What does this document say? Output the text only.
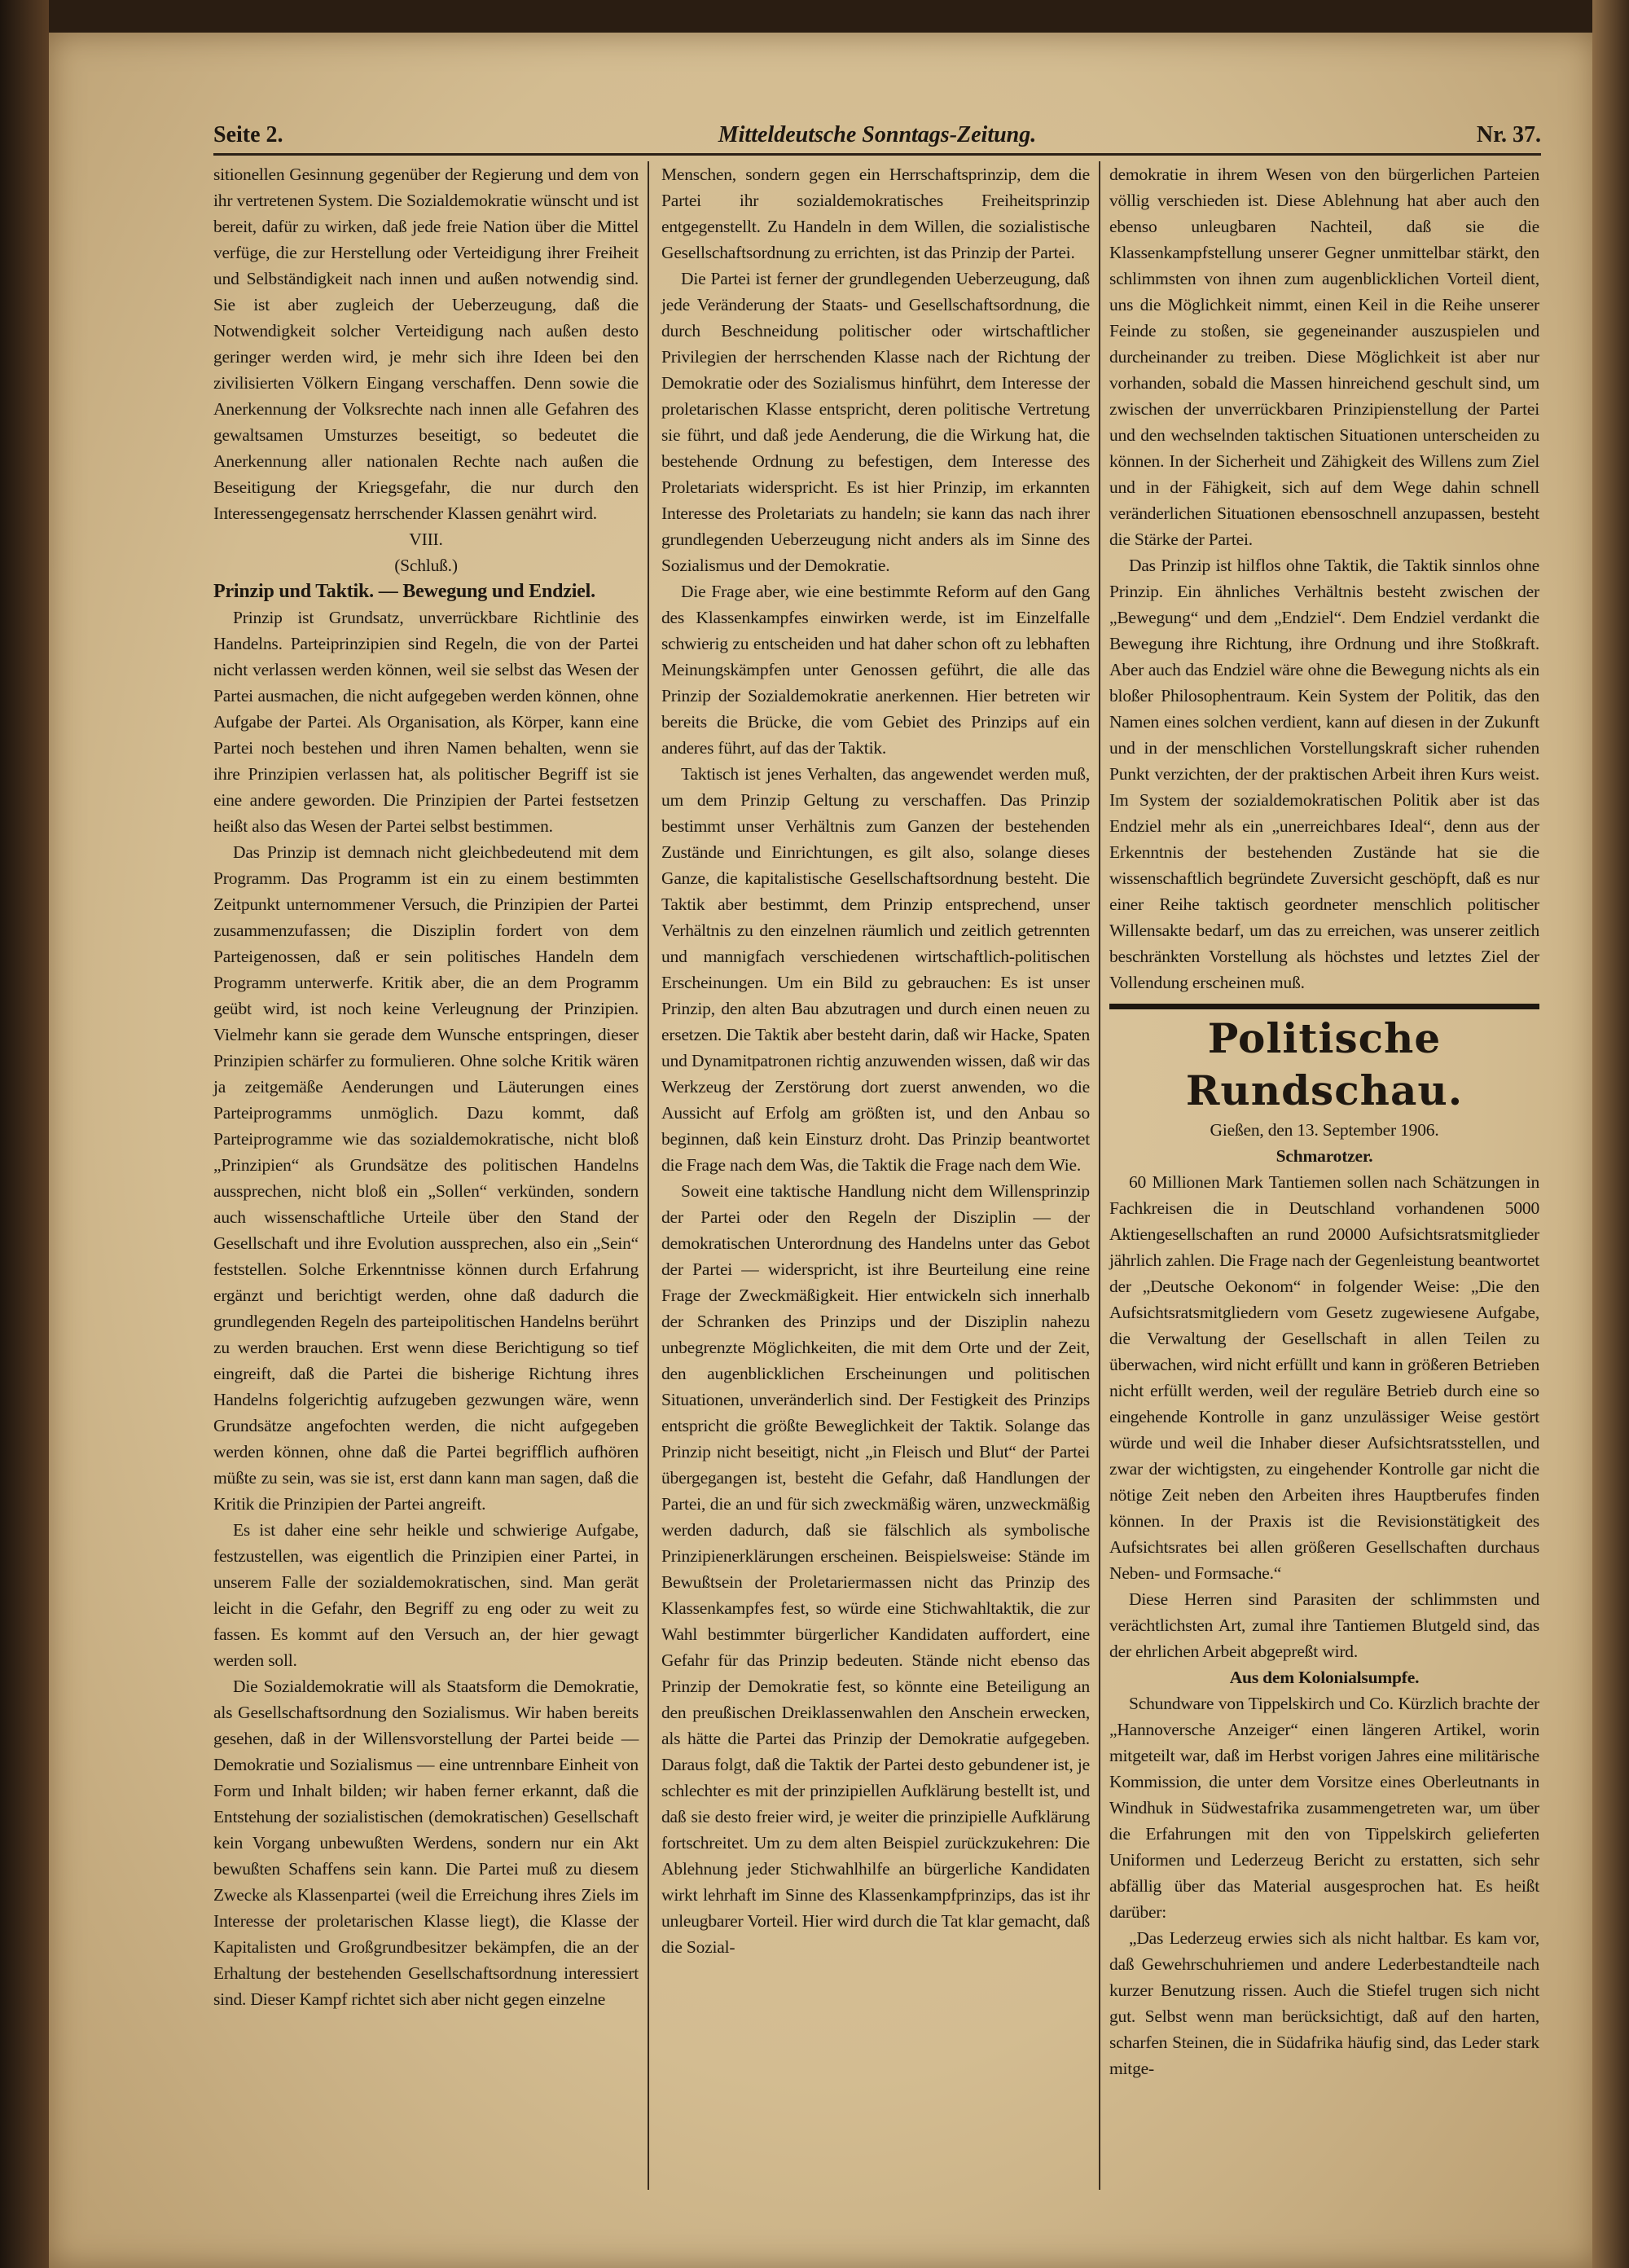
Seite 2.	Mitteldeutsche Sonntags-Zeitung.	Nr. 37.

sitionellen Gesinnung gegenüber der Regierung und dem von ihr vertretenen System. Die Sozialdemokratie wünscht und ist bereit, dafür zu wirken, daß jede freie Nation über die Mittel verfüge, die zur Herstellung oder Verteidigung ihrer Freiheit und Selbständigkeit nach innen und außen notwendig sind. Sie ist aber zugleich der Ueberzeugung, daß die Notwendigkeit solcher Verteidigung nach außen desto geringer werden wird, je mehr sich ihre Ideen bei den zivilisierten Völkern Eingang verschaffen. Denn sowie die Anerkennung der Volksrechte nach innen alle Gefahren des gewaltsamen Umsturzes beseitigt, so bedeutet die Anerkennung aller nationalen Rechte nach außen die Beseitigung der Kriegsgefahr, die nur durch den Interessengegensatz herrschender Klassen genährt wird.

VIII.

(Schluß.)

Prinzip und Taktik. — Bewegung und Endziel.

Prinzip ist Grundsatz, unverrückbare Richtlinie des Handelns. Parteiprinzipien sind Regeln, die von der Partei nicht verlassen werden können, weil sie selbst das Wesen der Partei ausmachen, die nicht aufgegeben werden können, ohne Aufgabe der Partei. Als Organisation, als Körper, kann eine Partei noch bestehen und ihren Namen behalten, wenn sie ihre Prinzipien verlassen hat, als politischer Begriff ist sie eine andere geworden. Die Prinzipien der Partei festsetzen heißt also das Wesen der Partei selbst bestimmen.

Das Prinzip ist demnach nicht gleichbedeutend mit dem Programm. Das Programm ist ein zu einem bestimmten Zeitpunkt unternommener Versuch, die Prinzipien der Partei zusammenzufassen; die Disziplin fordert von dem Parteigenossen, daß er sein politisches Handeln dem Programm unterwerfe. Kritik aber, die an dem Programm geübt wird, ist noch keine Verleugnung der Prinzipien. Vielmehr kann sie gerade dem Wunsche entspringen, dieser Prinzipien schärfer zu formulieren. Ohne solche Kritik wären ja zeitgemäße Aenderungen und Läuterungen eines Parteiprogramms unmöglich. Dazu kommt, daß Parteiprogramme wie das sozialdemokratische, nicht bloß „Prinzipien“ als Grundsätze des politischen Handelns aussprechen, nicht bloß ein „Sollen“ verkünden, sondern auch wissenschaftliche Urteile über den Stand der Gesellschaft und ihre Evolution aussprechen, also ein „Sein“ feststellen. Solche Erkenntnisse können durch Erfahrung ergänzt und berichtigt werden, ohne daß dadurch die grundlegenden Regeln des parteipolitischen Handelns berührt zu werden brauchen. Erst wenn diese Berichtigung so tief eingreift, daß die Partei die bisherige Richtung ihres Handelns folgerichtig aufzugeben gezwungen wäre, wenn Grundsätze angefochten werden, die nicht aufgegeben werden können, ohne daß die Partei begrifflich aufhören müßte zu sein, was sie ist, erst dann kann man sagen, daß die Kritik die Prinzipien der Partei angreift.

Es ist daher eine sehr heikle und schwierige Aufgabe, festzustellen, was eigentlich die Prinzipien einer Partei, in unserem Falle der sozialdemokratischen, sind. Man gerät leicht in die Gefahr, den Begriff zu eng oder zu weit zu fassen. Es kommt auf den Versuch an, der hier gewagt werden soll.

Die Sozialdemokratie will als Staatsform die Demokratie, als Gesellschaftsordnung den Sozialismus. Wir haben bereits gesehen, daß in der Willensvorstellung der Partei beide — Demokratie und Sozialismus — eine untrennbare Einheit von Form und Inhalt bilden; wir haben ferner erkannt, daß die Entstehung der sozialistischen (demokratischen) Gesellschaft kein Vorgang unbewußten Werdens, sondern nur ein Akt bewußten Schaffens sein kann. Die Partei muß zu diesem Zwecke als Klassenpartei (weil die Erreichung ihres Ziels im Interesse der proletarischen Klasse liegt), die Klasse der Kapitalisten und Großgrundbesitzer bekämpfen, die an der Erhaltung der bestehenden Gesellschaftsordnung interessiert sind. Dieser Kampf richtet sich aber nicht gegen einzelne

Menschen, sondern gegen ein Herrschaftsprinzip, dem die Partei ihr sozialdemokratisches Freiheitsprinzip entgegenstellt. Zu Handeln in dem Willen, die sozialistische Gesellschaftsordnung zu errichten, ist das Prinzip der Partei.

Die Partei ist ferner der grundlegenden Ueberzeugung, daß jede Veränderung der Staats- und Gesellschaftsordnung, die durch Beschneidung politischer oder wirtschaftlicher Privilegien der herrschenden Klasse nach der Richtung der Demokratie oder des Sozialismus hinführt, dem Interesse der proletarischen Klasse entspricht, deren politische Vertretung sie führt, und daß jede Aenderung, die die Wirkung hat, die bestehende Ordnung zu befestigen, dem Interesse des Proletariats widerspricht. Es ist hier Prinzip, im erkannten Interesse des Proletariats zu handeln; sie kann das nach ihrer grundlegenden Ueberzeugung nicht anders als im Sinne des Sozialismus und der Demokratie.

Die Frage aber, wie eine bestimmte Reform auf den Gang des Klassenkampfes einwirken werde, ist im Einzelfalle schwierig zu entscheiden und hat daher schon oft zu lebhaften Meinungskämpfen unter Genossen geführt, die alle das Prinzip der Sozialdemokratie anerkennen. Hier betreten wir bereits die Brücke, die vom Gebiet des Prinzips auf ein anderes führt, auf das der Taktik.

Taktisch ist jenes Verhalten, das angewendet werden muß, um dem Prinzip Geltung zu verschaffen. Das Prinzip bestimmt unser Verhältnis zum Ganzen der bestehenden Zustände und Einrichtungen, es gilt also, solange dieses Ganze, die kapitalistische Gesellschaftsordnung besteht. Die Taktik aber bestimmt, dem Prinzip entsprechend, unser Verhältnis zu den einzelnen räumlich und zeitlich getrennten und mannigfach verschiedenen wirtschaftlich-politischen Erscheinungen. Um ein Bild zu gebrauchen: Es ist unser Prinzip, den alten Bau abzutragen und durch einen neuen zu ersetzen. Die Taktik aber besteht darin, daß wir Hacke, Spaten und Dynamitpatronen richtig anzuwenden wissen, daß wir das Werkzeug der Zerstörung dort zuerst anwenden, wo die Aussicht auf Erfolg am größten ist, und den Anbau so beginnen, daß kein Einsturz droht. Das Prinzip beantwortet die Frage nach dem Was, die Taktik die Frage nach dem Wie.

Soweit eine taktische Handlung nicht dem Willensprinzip der Partei oder den Regeln der Disziplin — der demokratischen Unterordnung des Handelns unter das Gebot der Partei — widerspricht, ist ihre Beurteilung eine reine Frage der Zweckmäßigkeit. Hier entwickeln sich innerhalb der Schranken des Prinzips und der Disziplin nahezu unbegrenzte Möglichkeiten, die mit dem Orte und der Zeit, den augenblicklichen Erscheinungen und politischen Situationen, unveränderlich sind. Der Festigkeit des Prinzips entspricht die größte Beweglichkeit der Taktik. Solange das Prinzip nicht beseitigt, nicht „in Fleisch und Blut“ der Partei übergegangen ist, besteht die Gefahr, daß Handlungen der Partei, die an und für sich zweckmäßig wären, unzweckmäßig werden dadurch, daß sie fälschlich als symbolische Prinzipienerklärungen erscheinen. Beispielsweise: Stände im Bewußtsein der Proletariermassen nicht das Prinzip des Klassenkampfes fest, so würde eine Stichwahltaktik, die zur Wahl bestimmter bürgerlicher Kandidaten auffordert, eine Gefahr für das Prinzip bedeuten. Stände nicht ebenso das Prinzip der Demokratie fest, so könnte eine Beteiligung an den preußischen Dreiklassenwahlen den Anschein erwecken, als hätte die Partei das Prinzip der Demokratie aufgegeben. Daraus folgt, daß die Taktik der Partei desto gebundener ist, je schlechter es mit der prinzipiellen Aufklärung bestellt ist, und daß sie desto freier wird, je weiter die prinzipielle Aufklärung fortschreitet. Um zu dem alten Beispiel zurückzukehren: Die Ablehnung jeder Stichwahlhilfe an bürgerliche Kandidaten wirkt lehrhaft im Sinne des Klassenkampfprinzips, das ist ihr unleugbarer Vorteil. Hier wird durch die Tat klar gemacht, daß die Sozial-

demokratie in ihrem Wesen von den bürgerlichen Parteien völlig verschieden ist. Diese Ablehnung hat aber auch den ebenso unleugbaren Nachteil, daß sie die Klassenkampfstellung unserer Gegner unmittelbar stärkt, den schlimmsten von ihnen zum augenblicklichen Vorteil dient, uns die Möglichkeit nimmt, einen Keil in die Reihe unserer Feinde zu stoßen, sie gegeneinander auszuspielen und durcheinander zu treiben. Diese Möglichkeit ist aber nur vorhanden, sobald die Massen hinreichend geschult sind, um zwischen der unverrückbaren Prinzipienstellung der Partei und den wechselnden taktischen Situationen unterscheiden zu können. In der Sicherheit und Zähigkeit des Willens zum Ziel und in der Fähigkeit, sich auf dem Wege dahin schnell veränderlichen Situationen ebensoschnell anzupassen, besteht die Stärke der Partei.

Das Prinzip ist hilflos ohne Taktik, die Taktik sinnlos ohne Prinzip. Ein ähnliches Verhältnis besteht zwischen der „Bewegung“ und dem „Endziel“. Dem Endziel verdankt die Bewegung ihre Richtung, ihre Ordnung und ihre Stoßkraft. Aber auch das Endziel wäre ohne die Bewegung nichts als ein bloßer Philosophentraum. Kein System der Politik, das den Namen eines solchen verdient, kann auf diesen in der Zukunft und in der menschlichen Vorstellungskraft sicher ruhenden Punkt verzichten, der der praktischen Arbeit ihren Kurs weist. Im System der sozialdemokratischen Politik aber ist das Endziel mehr als ein „unerreichbares Ideal“, denn aus der Erkenntnis der bestehenden Zustände hat sie die wissenschaftlich begründete Zuversicht geschöpft, daß es nur einer Reihe taktisch geordneter menschlich politischer Willensakte bedarf, um das zu erreichen, was unserer zeitlich beschränkten Vorstellung als höchstes und letztes Ziel der Vollendung erscheinen muß.

Politische Rundschau.

Gießen, den 13. September 1906.

Schmarotzer.

60 Millionen Mark Tantiemen sollen nach Schätzungen in Fachkreisen die in Deutschland vorhandenen 5000 Aktiengesellschaften an rund 20000 Aufsichtsratsmitglieder jährlich zahlen. Die Frage nach der Gegenleistung beantwortet der „Deutsche Oekonom“ in folgender Weise: „Die den Aufsichtsratsmitgliedern vom Gesetz zugewiesene Aufgabe, die Verwaltung der Gesellschaft in allen Teilen zu überwachen, wird nicht erfüllt und kann in größeren Betrieben nicht erfüllt werden, weil der reguläre Betrieb durch eine so eingehende Kontrolle in ganz unzulässiger Weise gestört würde und weil die Inhaber dieser Aufsichtsratsstellen, und zwar der wichtigsten, zu eingehender Kontrolle gar nicht die nötige Zeit neben den Arbeiten ihres Hauptberufes finden können. In der Praxis ist die Revisionstätigkeit des Aufsichtsrates bei allen größeren Gesellschaften durchaus Neben- und Formsache.“

Diese Herren sind Parasiten der schlimmsten und verächtlichsten Art, zumal ihre Tantiemen Blutgeld sind, das der ehrlichen Arbeit abgepreßt wird.

Aus dem Kolonialsumpfe.

Schundware von Tippelskirch und Co. Kürzlich brachte der „Hannoversche Anzeiger“ einen längeren Artikel, worin mitgeteilt war, daß im Herbst vorigen Jahres eine militärische Kommission, die unter dem Vorsitze eines Oberleutnants in Windhuk in Südwestafrika zusammengetreten war, um über die Erfahrungen mit den von Tippelskirch gelieferten Uniformen und Lederzeug Bericht zu erstatten, sich sehr abfällig über das Material ausgesprochen hat. Es heißt darüber:

„Das Lederzeug erwies sich als nicht haltbar. Es kam vor, daß Gewehrschuhriemen und andere Lederbestandteile nach kurzer Benutzung rissen. Auch die Stiefel trugen sich nicht gut. Selbst wenn man berücksichtigt, daß auf den harten, scharfen Steinen, die in Südafrika häufig sind, das Leder stark mitge-
